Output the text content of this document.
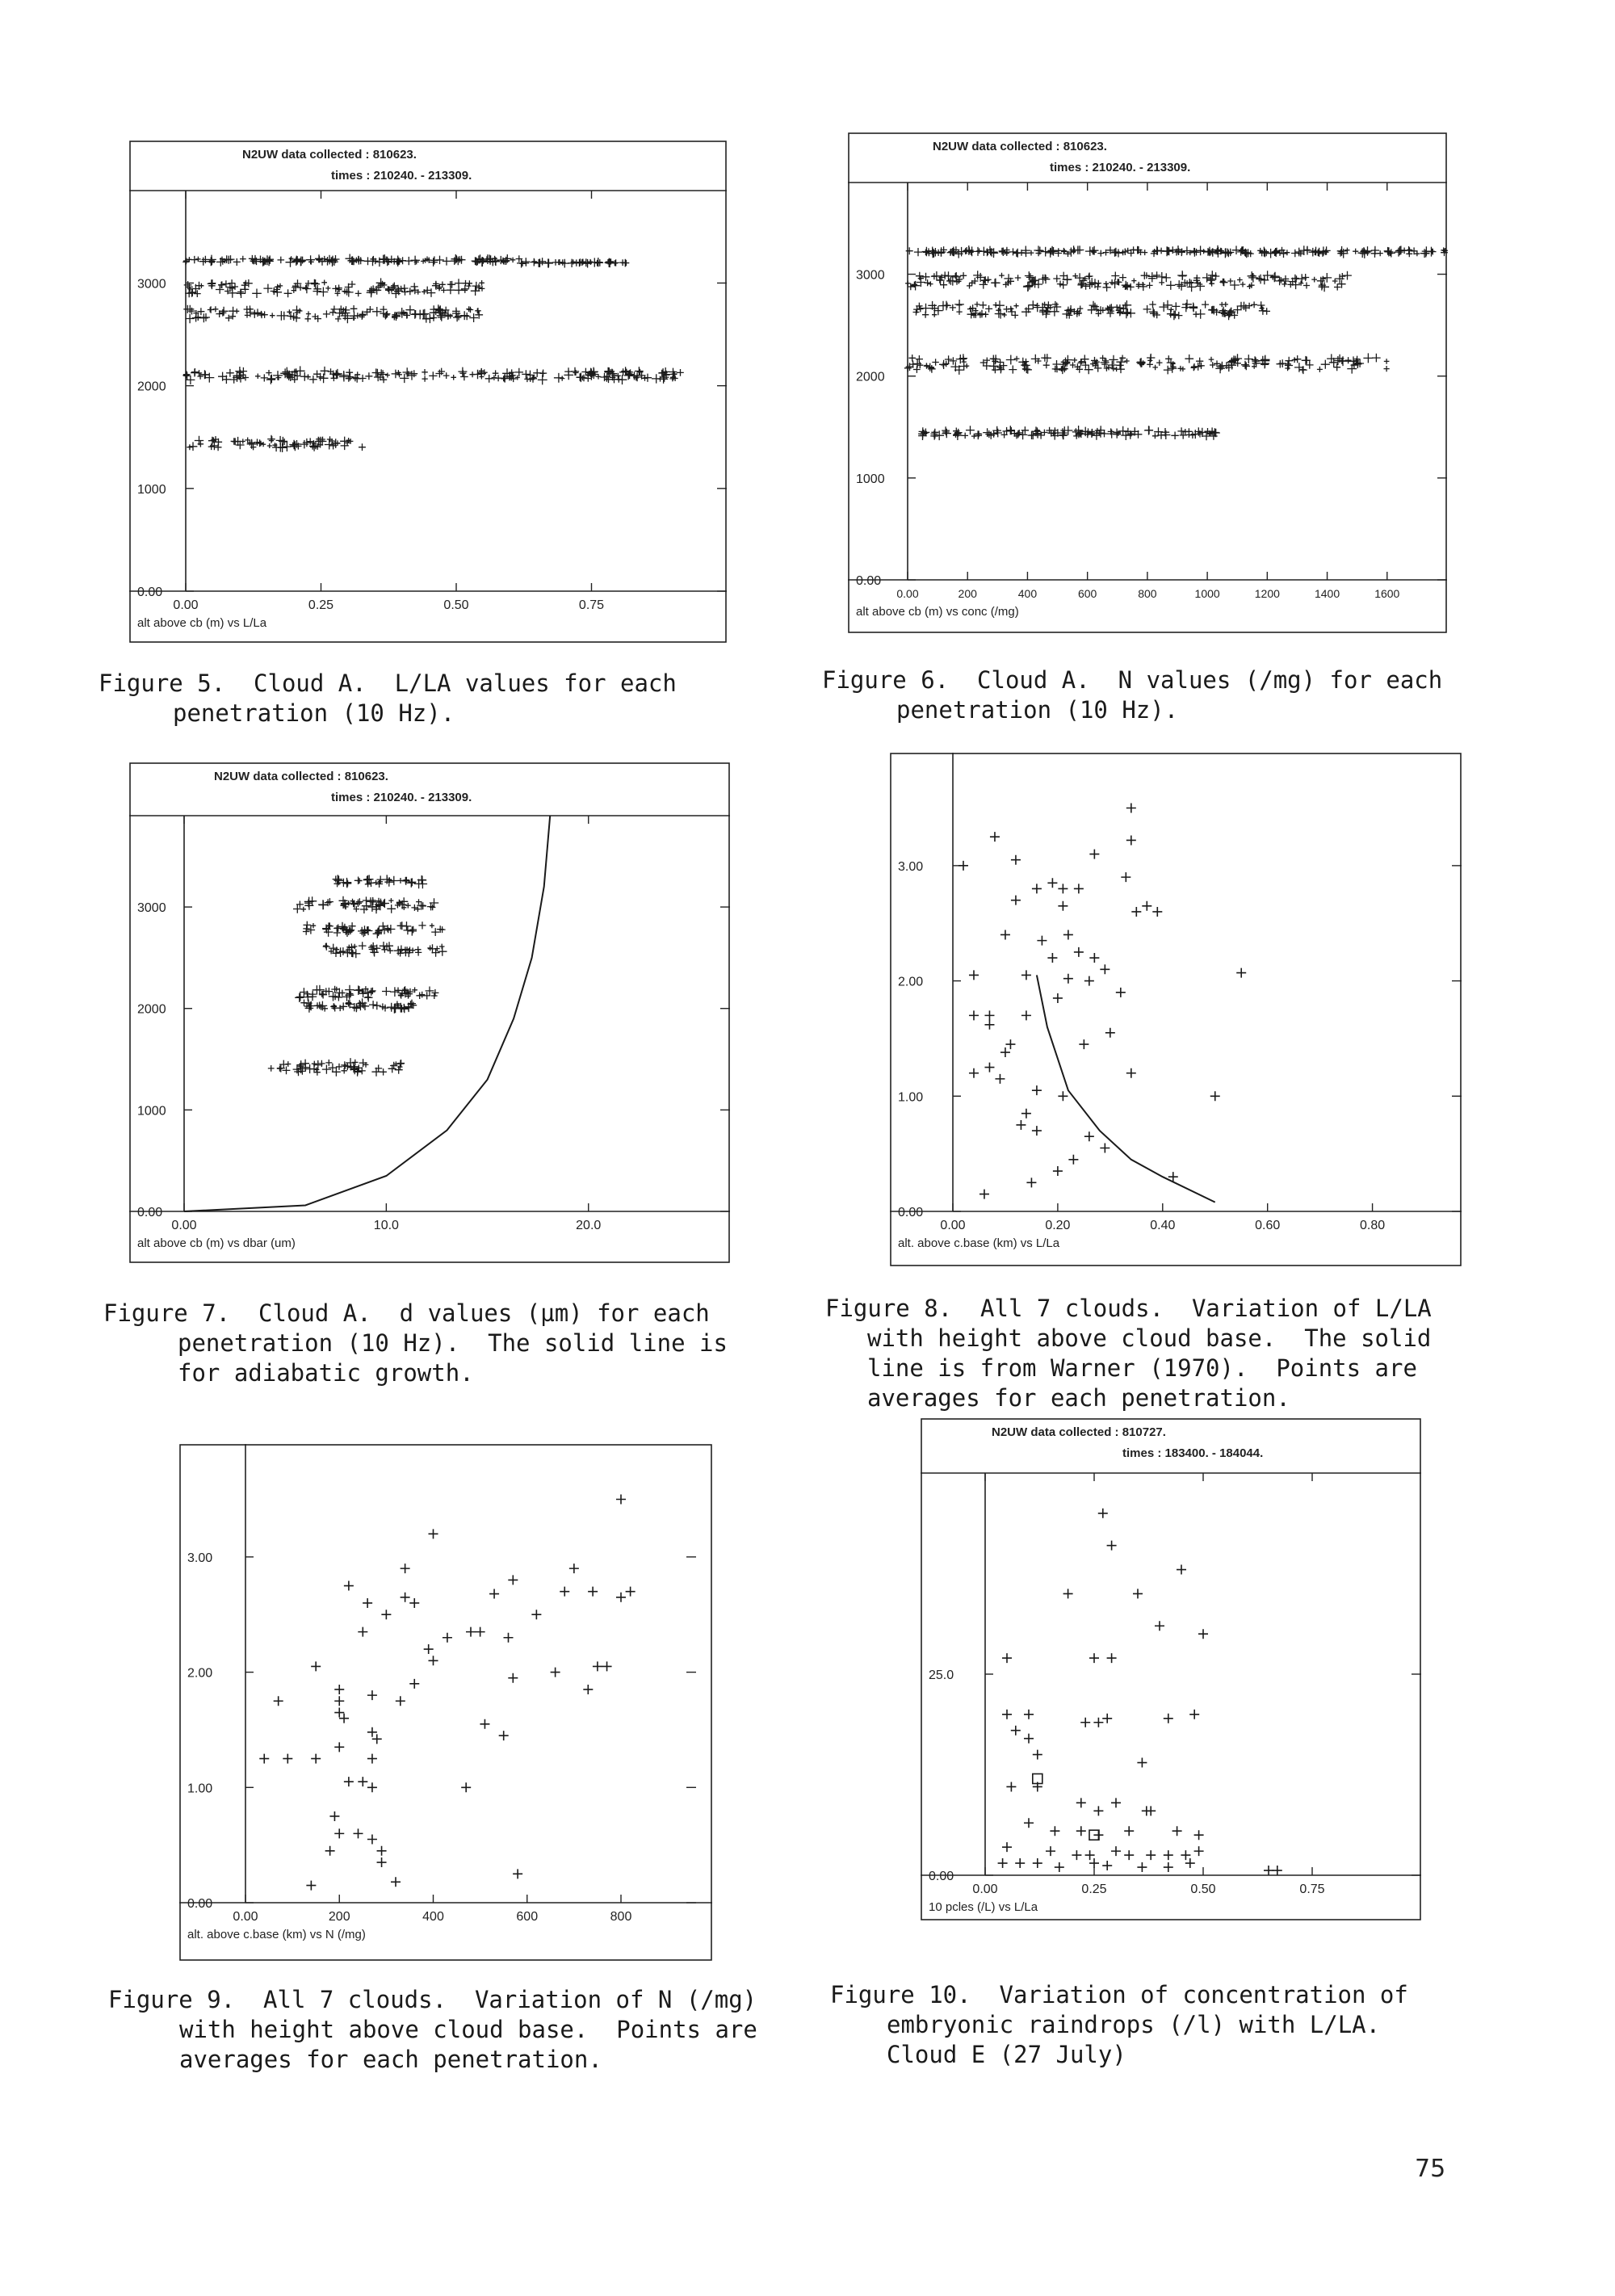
N2UW data collected : 810623.
times : 210240. - 213309.
0.00
1000
2000
3000
0.00	0.25	0.50	0.75
alt above cb (m) vs L/La
Figure 5.  Cloud A.  L/LA values for each
penetration (10 Hz).
N2UW data collected : 810623.
times : 210240. - 213309.
0.00
1000
2000
3000
0.00	200	400	600	800	1000	1200	1400	1600
alt above cb (m) vs conc (/mg)
Figure 6.  Cloud A.  N values (/mg) for each
penetration (10 Hz).
N2UW data collected : 810623.
times : 210240. - 213309.
0.00
1000
2000
3000
0.00	10.0	20.0
alt above cb (m) vs dbar (um)
Figure 7.  Cloud A.  d values (µm) for each
penetration (10 Hz).  The solid line is
for adiabatic growth.
0.00
1.00
2.00
3.00
0.00	0.20	0.40	0.60	0.80
alt. above c.base (km) vs L/La
Figure 8.  All 7 clouds.  Variation of L/LA
with height above cloud base.  The solid
line is from Warner (1970).  Points are
averages for each penetration.
0.00
1.00
2.00
3.00
0.00	200	400	600	800
alt. above c.base (km) vs N (/mg)
Figure 9.  All 7 clouds.  Variation of N (/mg)
with height above cloud base.  Points are
averages for each penetration.
N2UW data collected : 810727.
times : 183400. - 184044.
0.00
25.0
0.00	0.25	0.50	0.75
10 pcles (/L) vs L/La
Figure 10.  Variation of concentration of
embryonic raindrops (/l) with L/LA.
Cloud E (27 July)
75
